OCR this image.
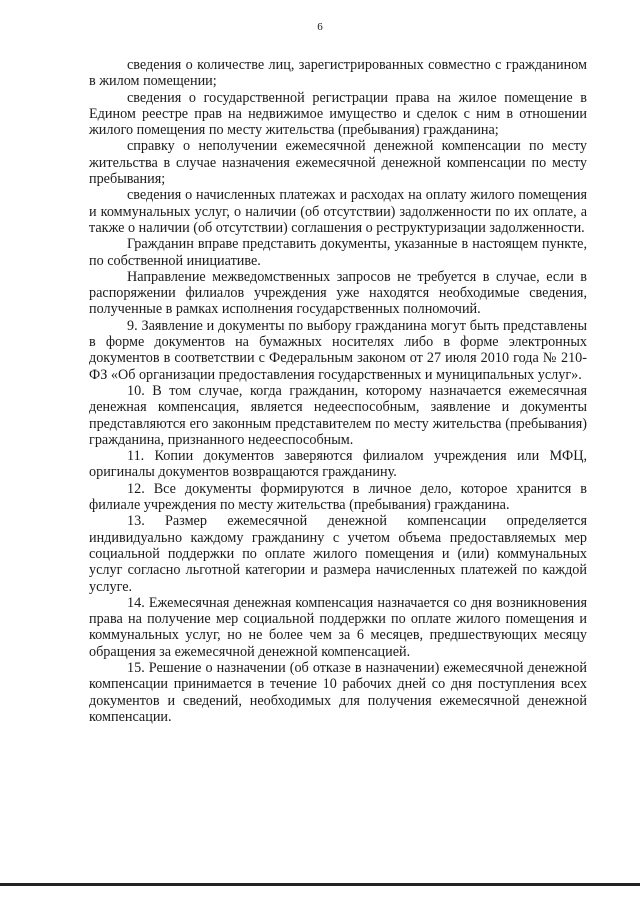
6

сведения о количестве лиц, зарегистрированных совместно с гражданином в жилом помещении;

сведения о государственной регистрации права на жилое помещение в Едином реестре прав на недвижимое имущество и сделок с ним в отношении жилого помещения по месту жительства (пребывания) гражданина;

справку о неполучении ежемесячной денежной компенсации по месту жительства в случае назначения ежемесячной денежной компенсации по месту пребывания;

сведения о начисленных платежах и расходах на оплату жилого помещения и коммунальных услуг, о наличии (об отсутствии) задолженности по их оплате, а также о наличии (об отсутствии) соглашения о реструктуризации задолженности.

Гражданин вправе представить документы, указанные в настоящем пункте, по собственной инициативе.

Направление межведомственных запросов не требуется в случае, если в распоряжении филиалов учреждения уже находятся необходимые сведения, полученные в рамках исполнения государственных полномочий.

9. Заявление и документы по выбору гражданина могут быть представлены в форме документов на бумажных носителях либо в форме электронных документов в соответствии с Федеральным законом от 27 июля 2010 года № 210-ФЗ «Об организации предоставления государственных и муниципальных услуг».

10. В том случае, когда гражданин, которому назначается ежемесячная денежная компенсация, является недееспособным, заявление и документы представляются его законным представителем по месту жительства (пребывания) гражданина, признанного недееспособным.

11. Копии документов заверяются филиалом учреждения или МФЦ, оригиналы документов возвращаются гражданину.

12. Все документы формируются в личное дело, которое хранится в филиале учреждения по месту жительства (пребывания) гражданина.

13. Размер ежемесячной денежной компенсации определяется индивидуально каждому гражданину с учетом объема предоставляемых мер социальной поддержки по оплате жилого помещения и (или) коммунальных услуг согласно льготной категории и размера начисленных платежей по каждой услуге.

14. Ежемесячная денежная компенсация назначается со дня возникновения права на получение мер социальной поддержки по оплате жилого помещения и коммунальных услуг, но не более чем за 6 месяцев, предшествующих месяцу обращения за ежемесячной денежной компенсацией.

15. Решение о назначении (об отказе в назначении) ежемесячной денежной компенсации принимается в течение 10 рабочих дней со дня поступления всех документов и сведений, необходимых для получения ежемесячной денежной компенсации.
